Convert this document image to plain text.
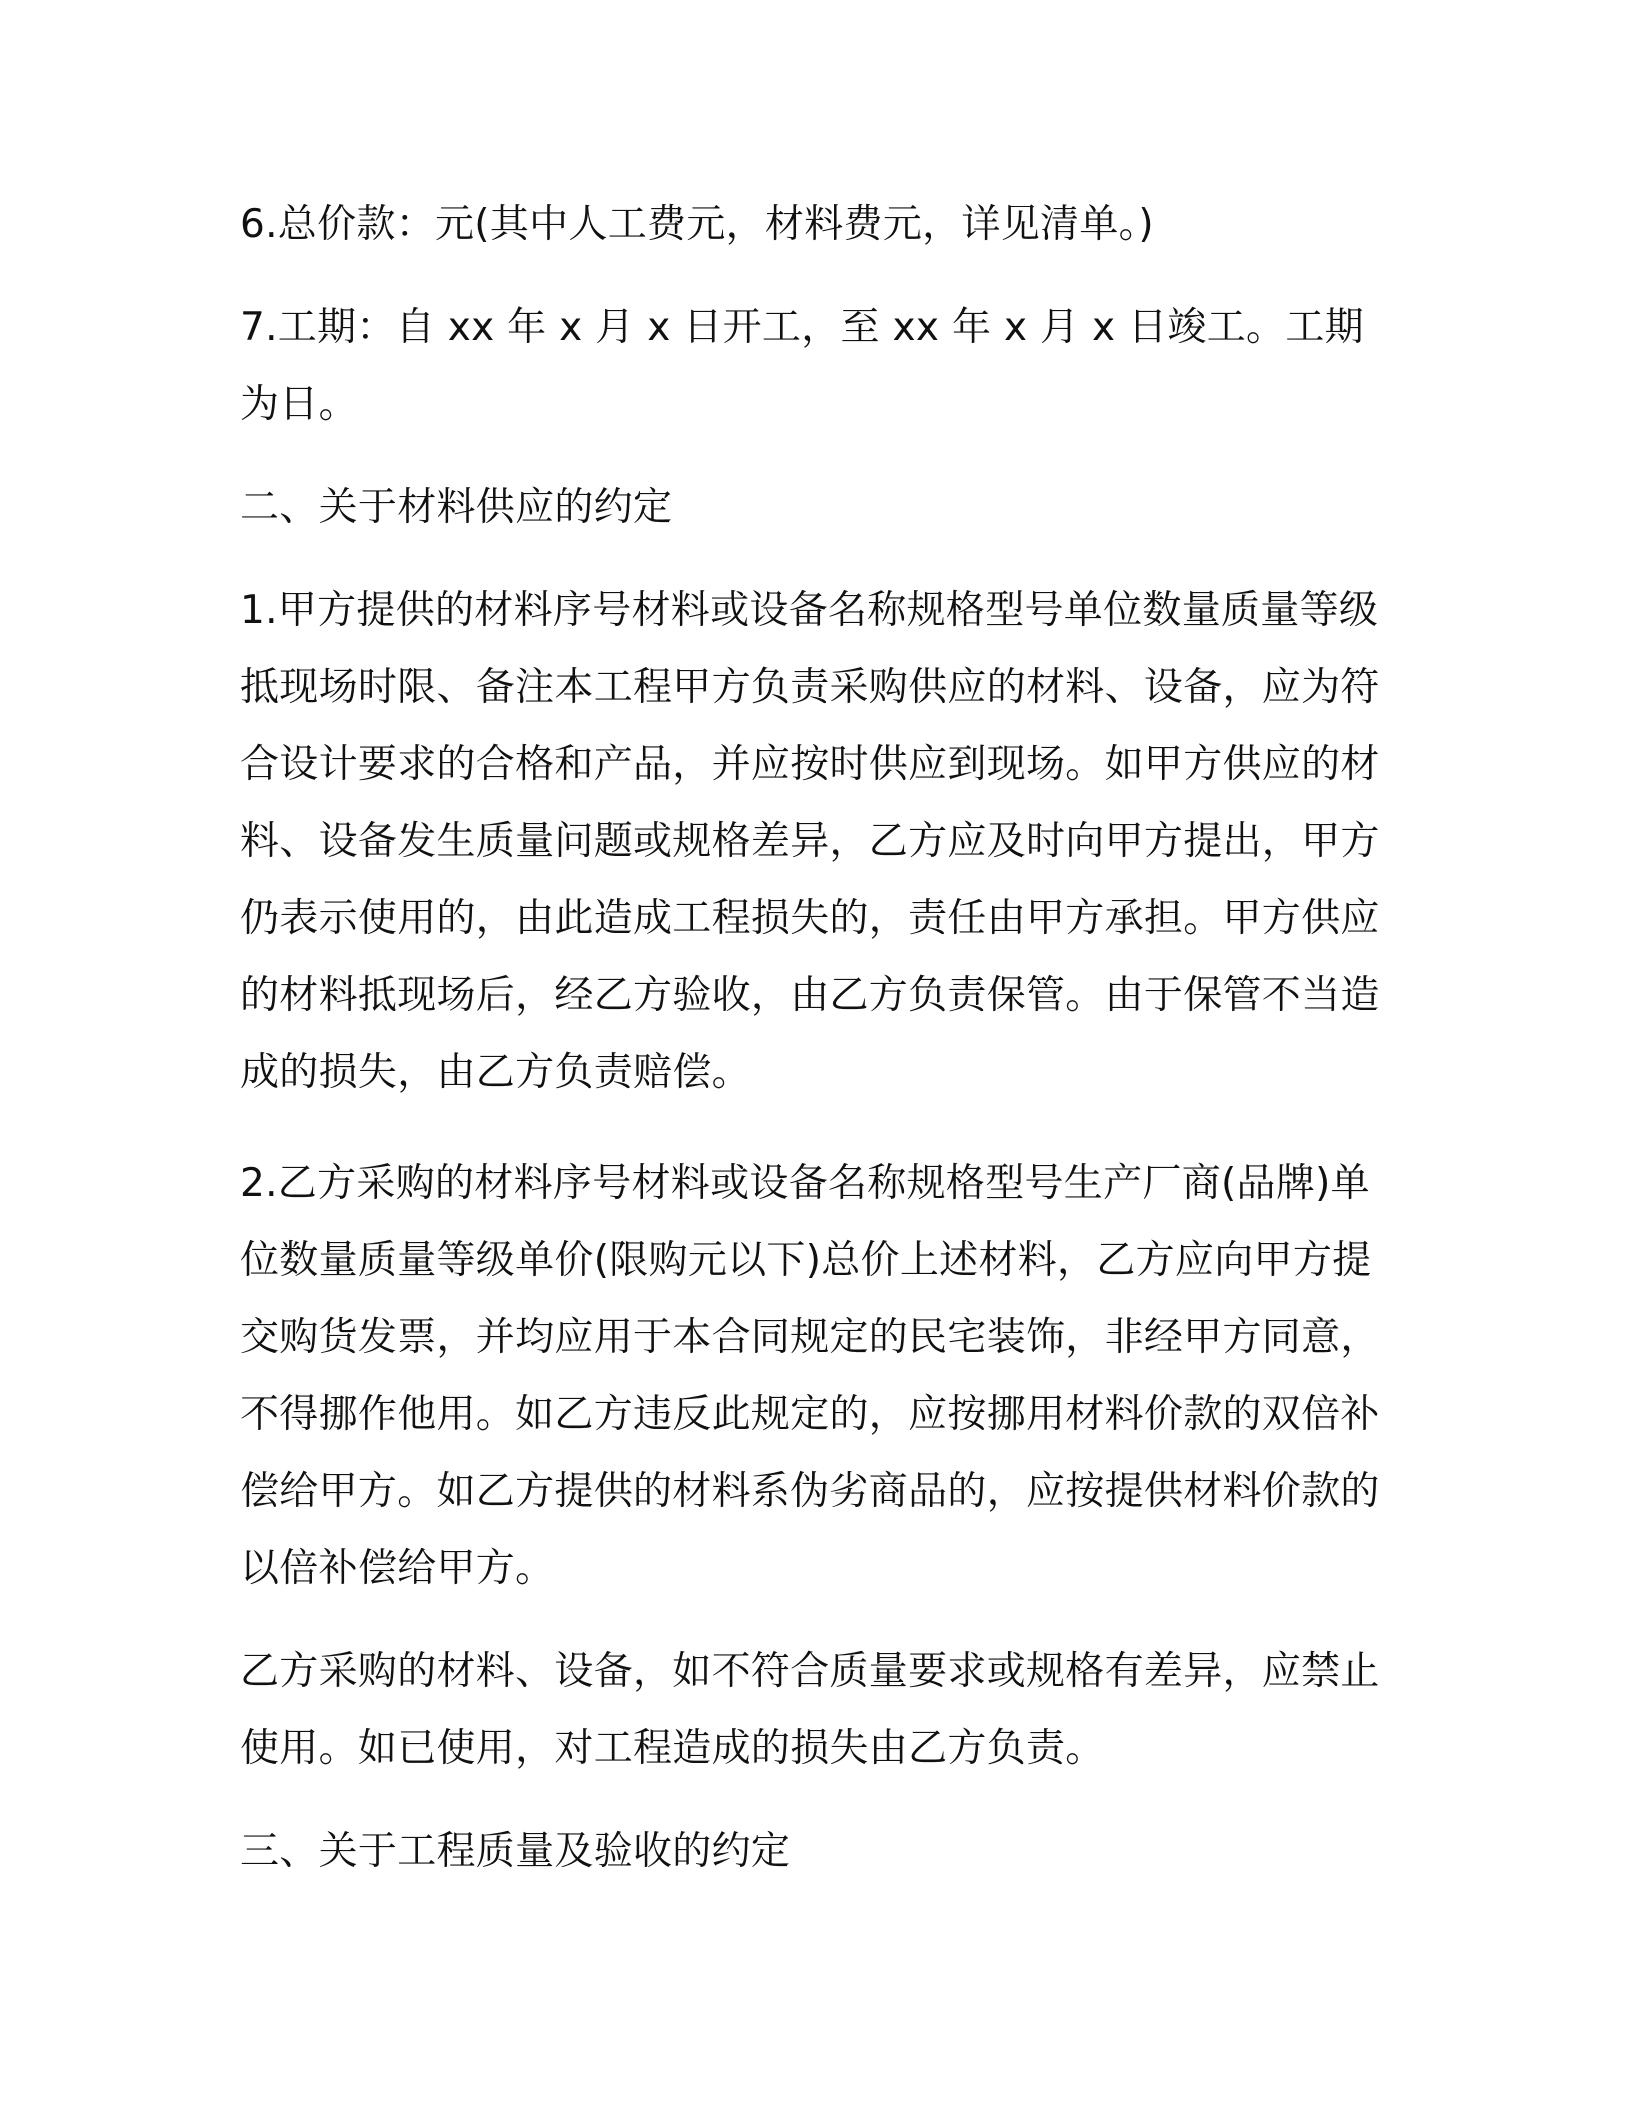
6.总价款：元(其中人工费元，材料费元，详见清单。)

7.工期：自 xx 年 x 月 x 日开工，至 xx 年 x 月 x 日竣工。工期为日。

二、关于材料供应的约定

1.甲方提供的材料序号材料或设备名称规格型号单位数量质量等级抵现场时限、备注本工程甲方负责采购供应的材料、设备，应为符合设计要求的合格和产品，并应按时供应到现场。如甲方供应的材料、设备发生质量问题或规格差异，乙方应及时向甲方提出，甲方仍表示使用的，由此造成工程损失的，责任由甲方承担。甲方供应的材料抵现场后，经乙方验收，由乙方负责保管。由于保管不当造成的损失，由乙方负责赔偿。

2.乙方采购的材料序号材料或设备名称规格型号生产厂商(品牌)单位数量质量等级单价(限购元以下)总价上述材料，乙方应向甲方提交购货发票，并均应用于本合同规定的民宅装饰，非经甲方同意，不得挪作他用。如乙方违反此规定的，应按挪用材料价款的双倍补偿给甲方。如乙方提供的材料系伪劣商品的，应按提供材料价款的以倍补偿给甲方。

乙方采购的材料、设备，如不符合质量要求或规格有差异，应禁止使用。如已使用，对工程造成的损失由乙方负责。

三、关于工程质量及验收的约定
